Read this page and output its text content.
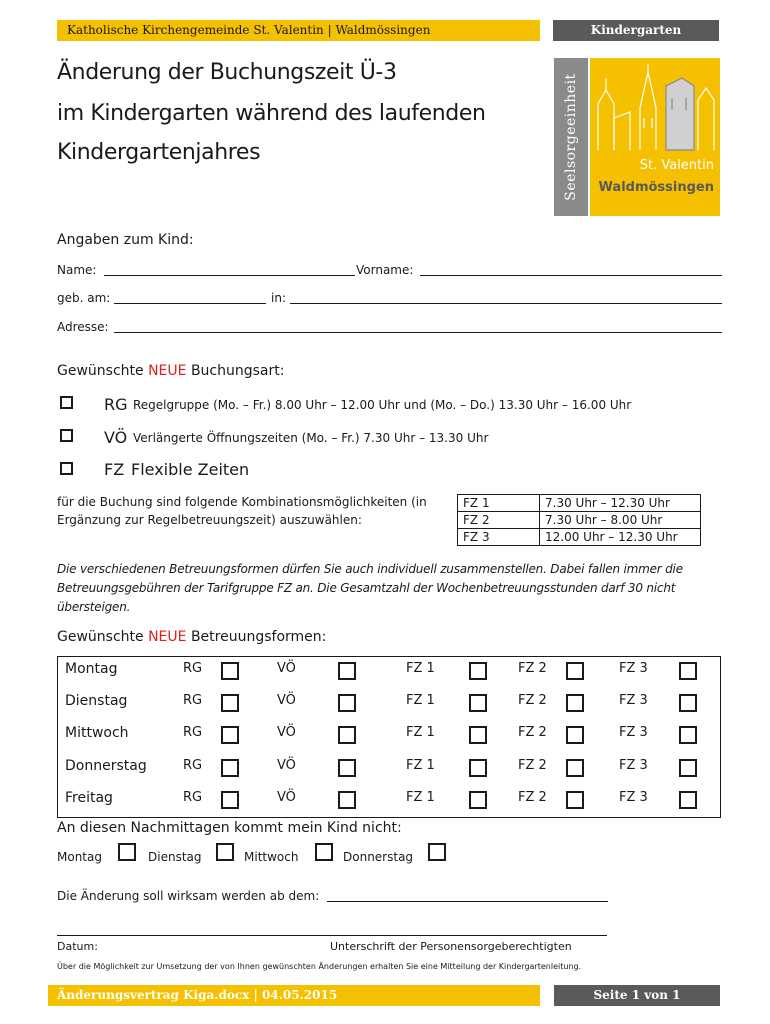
Katholische Kirchengemeinde St. Valentin | Waldmössingen	Kindergarten
Änderung der Buchungszeit Ü-3
im Kindergarten während des laufenden
Kindergartenjahres	Seelsorgeeinheit	St. Valentin
Waldmössingen
Angaben zum Kind:
Name:	Vorname:
geb. am:	in:
Adresse:
Gewünschte NEUE Buchungsart:
RG Regelgruppe (Mo. – Fr.) 8.00 Uhr – 12.00 Uhr und (Mo. – Do.) 13.30 Uhr – 16.00 Uhr
VÖ Verlängerte Öffnungszeiten (Mo. – Fr.) 7.30 Uhr – 13.30 Uhr
FZ Flexible Zeiten
für die Buchung sind folgende Kombinationsmöglichkeiten (in Ergänzung zur Regelbetreuungszeit) auszuwählen:
FZ 1	7.30 Uhr – 12.30 Uhr
FZ 2	7.30 Uhr – 8.00 Uhr
FZ 3	12.00 Uhr – 12.30 Uhr
Die verschiedenen Betreuungsformen dürfen Sie auch individuell zusammenstellen. Dabei fallen immer die Betreuungsgebühren der Tarifgruppe FZ an. Die Gesamtzahl der Wochenbetreuungsstunden darf 30 nicht übersteigen.
Gewünschte NEUE Betreuungsformen:
Montag	RG	VÖ	FZ 1	FZ 2	FZ 3
Dienstag	RG	VÖ	FZ 1	FZ 2	FZ 3
Mittwoch	RG	VÖ	FZ 1	FZ 2	FZ 3
Donnerstag	RG	VÖ	FZ 1	FZ 2	FZ 3
Freitag	RG	VÖ	FZ 1	FZ 2	FZ 3
An diesen Nachmittagen kommt mein Kind nicht:
Montag	Dienstag	Mittwoch	Donnerstag
Die Änderung soll wirksam werden ab dem:
Datum:	Unterschrift der Personensorgeberechtigten
Über die Möglichkeit zur Umsetzung der von Ihnen gewünschten Änderungen erhalten Sie eine Mitteilung der Kindergartenleitung.
Änderungsvertrag Kiga.docx | 04.05.2015	Seite 1 von 1
